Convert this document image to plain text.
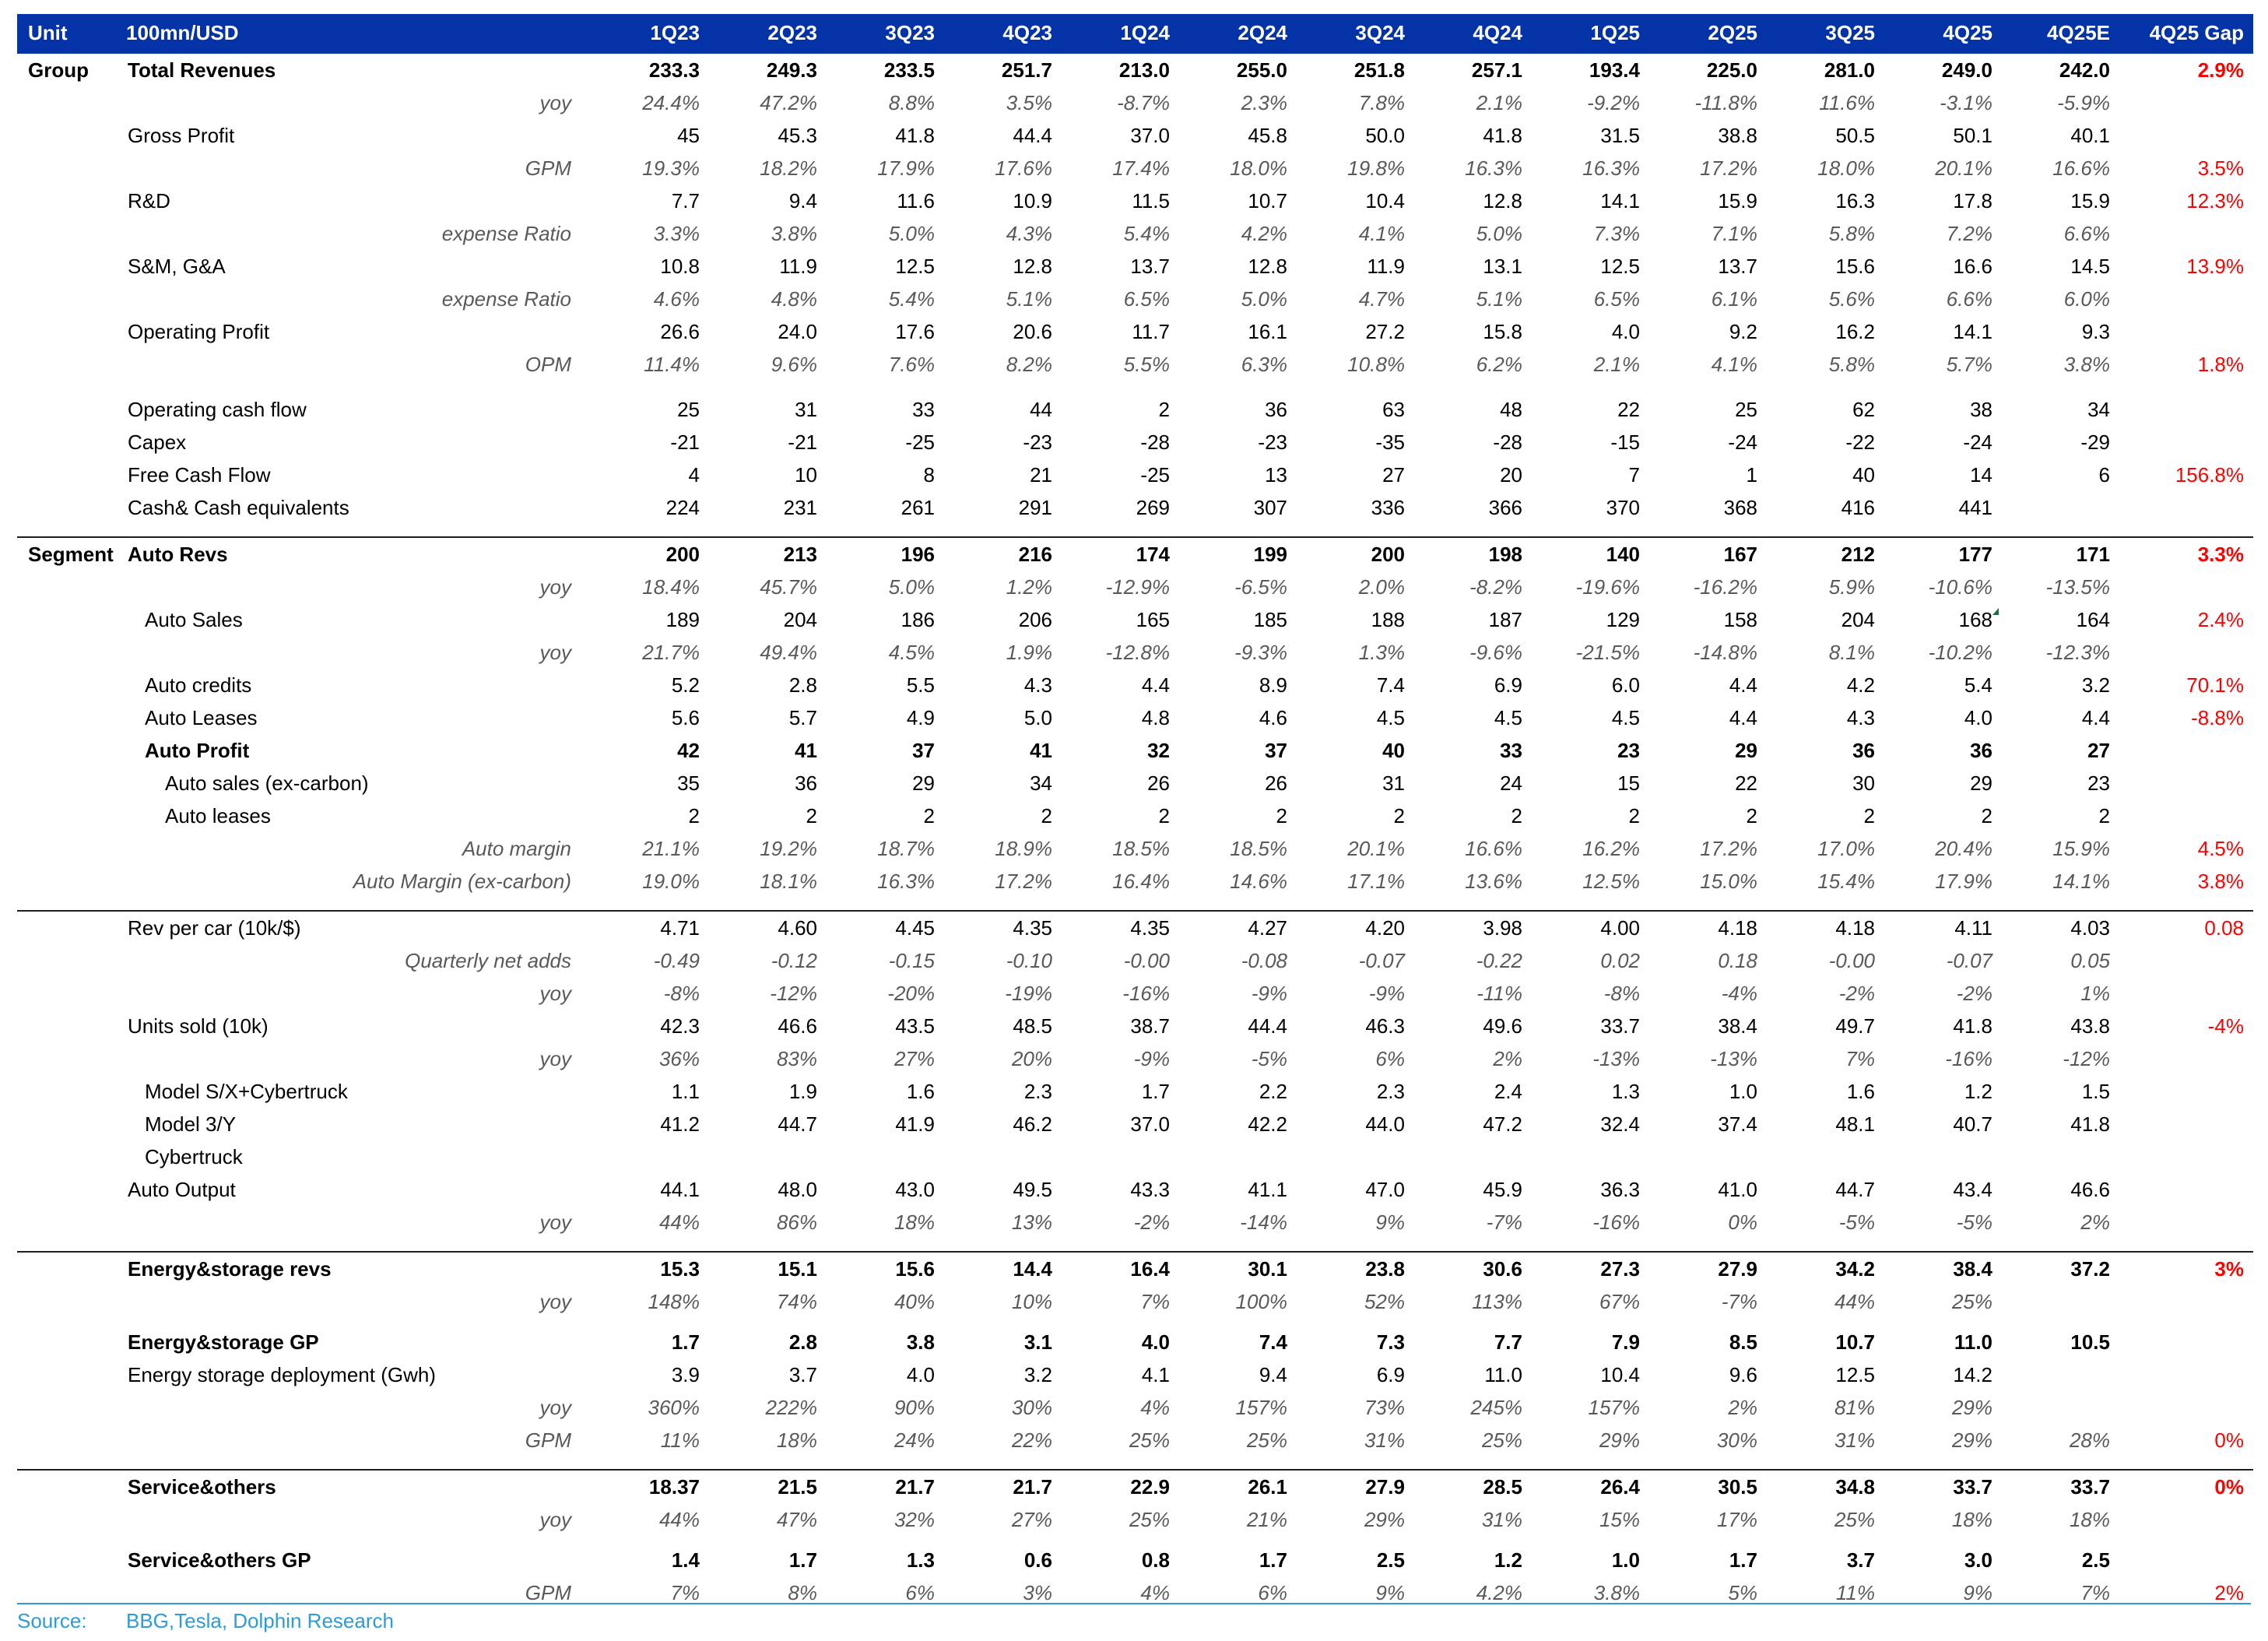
Unit	100mn/USD	1Q23	2Q23	3Q23	4Q23	1Q24	2Q24	3Q24	4Q24	1Q25	2Q25	3Q25	4Q25	4Q25E	4Q25 Gap
Group	Total Revenues	233.3	249.3	233.5	251.7	213.0	255.0	251.8	257.1	193.4	225.0	281.0	249.0	242.0	2.9%
	yoy	24.4%	47.2%	8.8%	3.5%	-8.7%	2.3%	7.8%	2.1%	-9.2%	-11.8%	11.6%	-3.1%	-5.9%	
	Gross Profit	45	45.3	41.8	44.4	37.0	45.8	50.0	41.8	31.5	38.8	50.5	50.1	40.1	
	GPM	19.3%	18.2%	17.9%	17.6%	17.4%	18.0%	19.8%	16.3%	16.3%	17.2%	18.0%	20.1%	16.6%	3.5%
	R&D	7.7	9.4	11.6	10.9	11.5	10.7	10.4	12.8	14.1	15.9	16.3	17.8	15.9	12.3%
	expense Ratio	3.3%	3.8%	5.0%	4.3%	5.4%	4.2%	4.1%	5.0%	7.3%	7.1%	5.8%	7.2%	6.6%	
	S&M, G&A	10.8	11.9	12.5	12.8	13.7	12.8	11.9	13.1	12.5	13.7	15.6	16.6	14.5	13.9%
	expense Ratio	4.6%	4.8%	5.4%	5.1%	6.5%	5.0%	4.7%	5.1%	6.5%	6.1%	5.6%	6.6%	6.0%	
	Operating Profit	26.6	24.0	17.6	20.6	11.7	16.1	27.2	15.8	4.0	9.2	16.2	14.1	9.3	
	OPM	11.4%	9.6%	7.6%	8.2%	5.5%	6.3%	10.8%	6.2%	2.1%	4.1%	5.8%	5.7%	3.8%	1.8%

	Operating cash flow	25	31	33	44	2	36	63	48	22	25	62	38	34	
	Capex	-21	-21	-25	-23	-28	-23	-35	-28	-15	-24	-22	-24	-29	
	Free Cash Flow	4	10	8	21	-25	13	27	20	7	1	40	14	6	156.8%
	Cash& Cash equivalents	224	231	261	291	269	307	336	366	370	368	416	441		

Segment	Auto Revs	200	213	196	216	174	199	200	198	140	167	212	177	171	3.3%
	yoy	18.4%	45.7%	5.0%	1.2%	-12.9%	-6.5%	2.0%	-8.2%	-19.6%	-16.2%	5.9%	-10.6%	-13.5%	
	Auto Sales	189	204	186	206	165	185	188	187	129	158	204	168	164	2.4%
	yoy	21.7%	49.4%	4.5%	1.9%	-12.8%	-9.3%	1.3%	-9.6%	-21.5%	-14.8%	8.1%	-10.2%	-12.3%	
	Auto credits	5.2	2.8	5.5	4.3	4.4	8.9	7.4	6.9	6.0	4.4	4.2	5.4	3.2	70.1%
	Auto Leases	5.6	5.7	4.9	5.0	4.8	4.6	4.5	4.5	4.5	4.4	4.3	4.0	4.4	-8.8%
	Auto Profit	42	41	37	41	32	37	40	33	23	29	36	36	27	
	Auto sales (ex-carbon)	35	36	29	34	26	26	31	24	15	22	30	29	23	
	Auto leases	2	2	2	2	2	2	2	2	2	2	2	2	2	
	Auto margin	21.1%	19.2%	18.7%	18.9%	18.5%	18.5%	20.1%	16.6%	16.2%	17.2%	17.0%	20.4%	15.9%	4.5%
	Auto Margin (ex-carbon)	19.0%	18.1%	16.3%	17.2%	16.4%	14.6%	17.1%	13.6%	12.5%	15.0%	15.4%	17.9%	14.1%	3.8%

	Rev per car (10k/$)	4.71	4.60	4.45	4.35	4.35	4.27	4.20	3.98	4.00	4.18	4.18	4.11	4.03	0.08
	Quarterly net adds	-0.49	-0.12	-0.15	-0.10	-0.00	-0.08	-0.07	-0.22	0.02	0.18	-0.00	-0.07	0.05	
	yoy	-8%	-12%	-20%	-19%	-16%	-9%	-9%	-11%	-8%	-4%	-2%	-2%	1%	
	Units sold (10k)	42.3	46.6	43.5	48.5	38.7	44.4	46.3	49.6	33.7	38.4	49.7	41.8	43.8	-4%
	yoy	36%	83%	27%	20%	-9%	-5%	6%	2%	-13%	-13%	7%	-16%	-12%	
	Model S/X+Cybertruck	1.1	1.9	1.6	2.3	1.7	2.2	2.3	2.4	1.3	1.0	1.6	1.2	1.5	
	Model 3/Y	41.2	44.7	41.9	46.2	37.0	42.2	44.0	47.2	32.4	37.4	48.1	40.7	41.8	
	Cybertruck														
	Auto Output	44.1	48.0	43.0	49.5	43.3	41.1	47.0	45.9	36.3	41.0	44.7	43.4	46.6	
	yoy	44%	86%	18%	13%	-2%	-14%	9%	-7%	-16%	0%	-5%	-5%	2%	

	Energy&storage revs	15.3	15.1	15.6	14.4	16.4	30.1	23.8	30.6	27.3	27.9	34.2	38.4	37.2	3%
	yoy	148%	74%	40%	10%	7%	100%	52%	113%	67%	-7%	44%	25%		

	Energy&storage GP	1.7	2.8	3.8	3.1	4.0	7.4	7.3	7.7	7.9	8.5	10.7	11.0	10.5	
	Energy storage deployment (Gwh)	3.9	3.7	4.0	3.2	4.1	9.4	6.9	11.0	10.4	9.6	12.5	14.2		
	yoy	360%	222%	90%	30%	4%	157%	73%	245%	157%	2%	81%	29%		
	GPM	11%	18%	24%	22%	25%	25%	31%	25%	29%	30%	31%	29%	28%	0%

	Service&others	18.37	21.5	21.7	21.7	22.9	26.1	27.9	28.5	26.4	30.5	34.8	33.7	33.7	0%
	yoy	44%	47%	32%	27%	25%	21%	29%	31%	15%	17%	25%	18%	18%	

	Service&others GP	1.4	1.7	1.3	0.6	0.8	1.7	2.5	1.2	1.0	1.7	3.7	3.0	2.5	
	GPM	7%	8%	6%	3%	4%	6%	9%	4.2%	3.8%	5%	11%	9%	7%	2%
Source: BBG,Tesla, Dolphin Research
